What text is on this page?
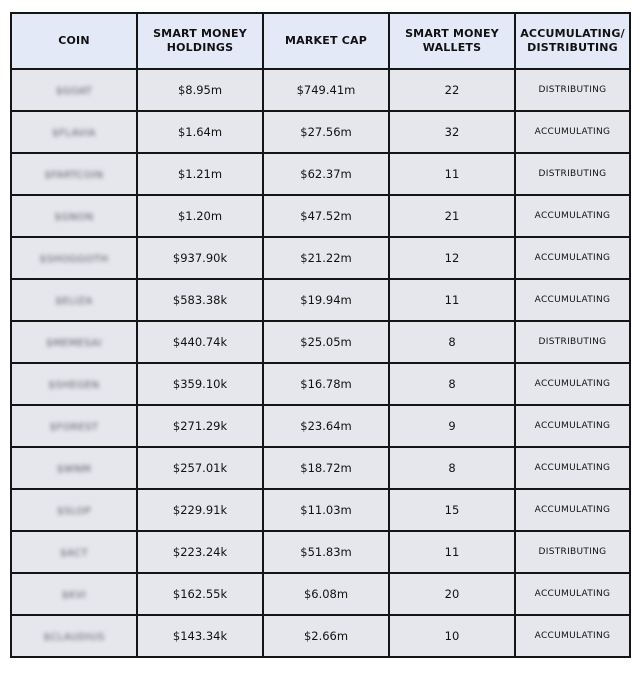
COIN	SMART MONEY HOLDINGS	MARKET CAP	SMART MONEY WALLETS	ACCUMULATING/ DISTRIBUTING
$GOAT	$8.95m	$749.41m	22	DISTRIBUTING
$FLAVIA	$1.64m	$27.56m	32	ACCUMULATING
$FARTCOIN	$1.21m	$62.37m	11	DISTRIBUTING
$GNON	$1.20m	$47.52m	21	ACCUMULATING
$SHOGGOTH	$937.90k	$21.22m	12	ACCUMULATING
$ELIZA	$583.38k	$19.94m	11	ACCUMULATING
$MEMESAI	$440.74k	$25.05m	8	DISTRIBUTING
$SHEGEN	$359.10k	$16.78m	8	ACCUMULATING
$FOREST	$271.29k	$23.64m	9	ACCUMULATING
$WNM	$257.01k	$18.72m	8	ACCUMULATING
$SLOP	$229.91k	$11.03m	15	ACCUMULATING
$ACT	$223.24k	$51.83m	11	DISTRIBUTING
$KVI	$162.55k	$6.08m	20	ACCUMULATING
$CLAUDIUS	$143.34k	$2.66m	10	ACCUMULATING
